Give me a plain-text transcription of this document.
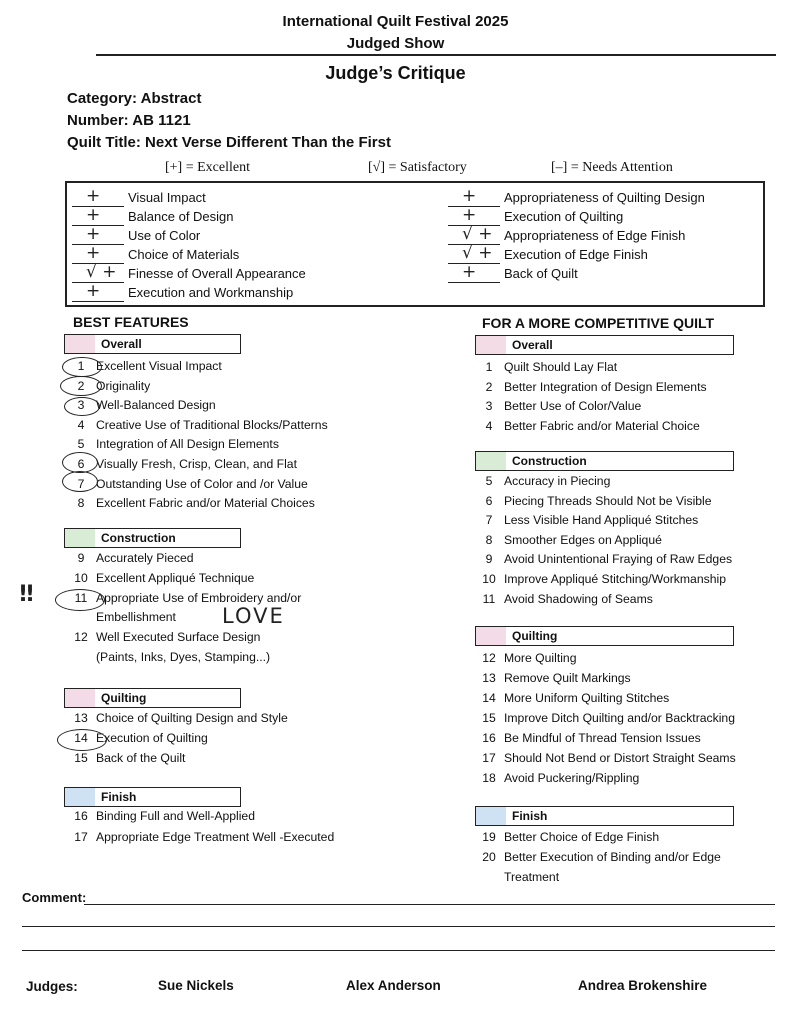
International Quilt Festival 2025
Judged Show
Judge’s Critique
Category: Abstract
Number: AB 1121
Quilt Title: Next Verse Different Than the First
[+] = Excellent	[√] = Satisfactory	[–] = Needs Attention
+ Visual Impact
+ Balance of Design
+ Use of Color
+ Choice of Materials
√ + Finesse of Overall Appearance
+ Execution and Workmanship
+ Appropriateness of Quilting Design
+ Execution of Quilting
√ + Appropriateness of Edge Finish
√ + Execution of Edge Finish
+ Back of Quilt
BEST FEATURES	FOR A MORE COMPETITIVE QUILT
Overall
1 Excellent Visual Impact
2 Originality
3 Well-Balanced Design
4 Creative Use of Traditional Blocks/Patterns
5 Integration of All Design Elements
6 Visually Fresh, Crisp, Clean, and Flat
7 Outstanding Use of Color and /or Value
8 Excellent Fabric and/or Material Choices
Construction
9 Accurately Pieced
10 Excellent Appliqué Technique
11 Appropriate Use of Embroidery and/or
Embellishment
12 Well Executed Surface Design
(Paints, Inks, Dyes, Stamping...)
Quilting
13 Choice of Quilting Design and Style
14 Execution of Quilting
15 Back of the Quilt
Finish
16 Binding Full and Well-Applied
17 Appropriate Edge Treatment Well -Executed
Overall
1 Quilt Should Lay Flat
2 Better Integration of Design Elements
3 Better Use of Color/Value
4 Better Fabric and/or Material Choice
Construction
5 Accuracy in Piecing
6 Piecing Threads Should Not be Visible
7 Less Visible Hand Appliqué Stitches
8 Smoother Edges on Appliqué
9 Avoid Unintentional Fraying of Raw Edges
10 Improve Appliqué Stitching/Workmanship
11 Avoid Shadowing of Seams
Quilting
12 More Quilting
13 Remove Quilt Markings
14 More Uniform Quilting Stitches
15 Improve Ditch Quilting and/or Backtracking
16 Be Mindful of Thread Tension Issues
17 Should Not Bend or Distort Straight Seams
18 Avoid Puckering/Rippling
Finish
19 Better Choice of Edge Finish
20 Better Execution of Binding and/or Edge
Treatment
LOVE
!!
Comment:
Judges:	Sue Nickels	Alex Anderson	Andrea Brokenshire
